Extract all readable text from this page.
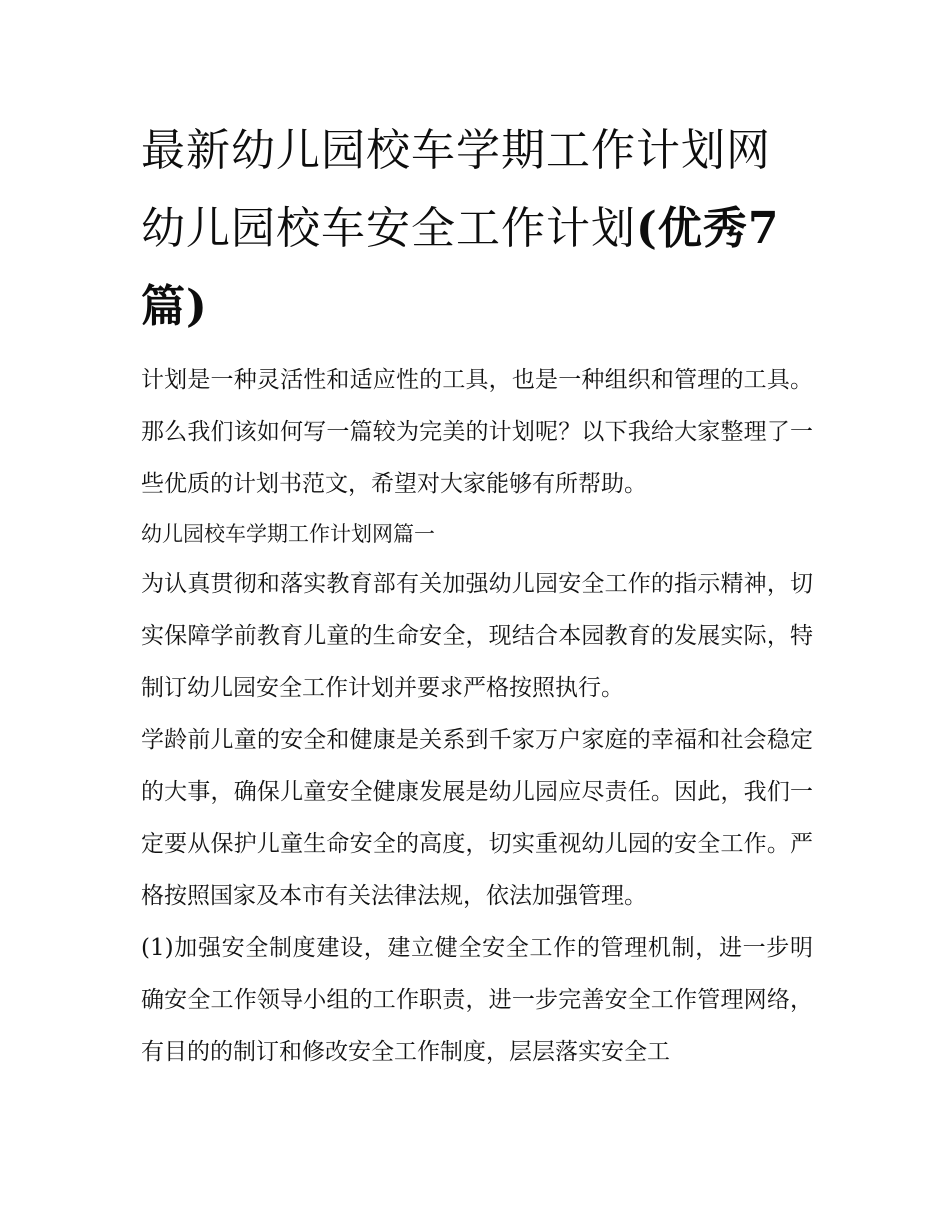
最新幼儿园校车学期工作计划网 幼儿园校车安全工作计划(优秀7篇)

计划是一种灵活性和适应性的工具，也是一种组织和管理的工具。那么我们该如何写一篇较为完美的计划呢？以下我给大家整理了一些优质的计划书范文，希望对大家能够有所帮助。

幼儿园校车学期工作计划网篇一

为认真贯彻和落实教育部有关加强幼儿园安全工作的指示精神，切实保障学前教育儿童的生命安全，现结合本园教育的发展实际，特制订幼儿园安全工作计划并要求严格按照执行。

学龄前儿童的安全和健康是关系到千家万户家庭的幸福和社会稳定的大事，确保儿童安全健康发展是幼儿园应尽责任。因此，我们一定要从保护儿童生命安全的高度，切实重视幼儿园的安全工作。严格按照国家及本市有关法律法规，依法加强管理。

(1)加强安全制度建设，建立健全安全工作的管理机制，进一步明确安全工作领导小组的工作职责，进一步完善安全工作管理网络，有目的的制订和修改安全工作制度，层层落实安全工
